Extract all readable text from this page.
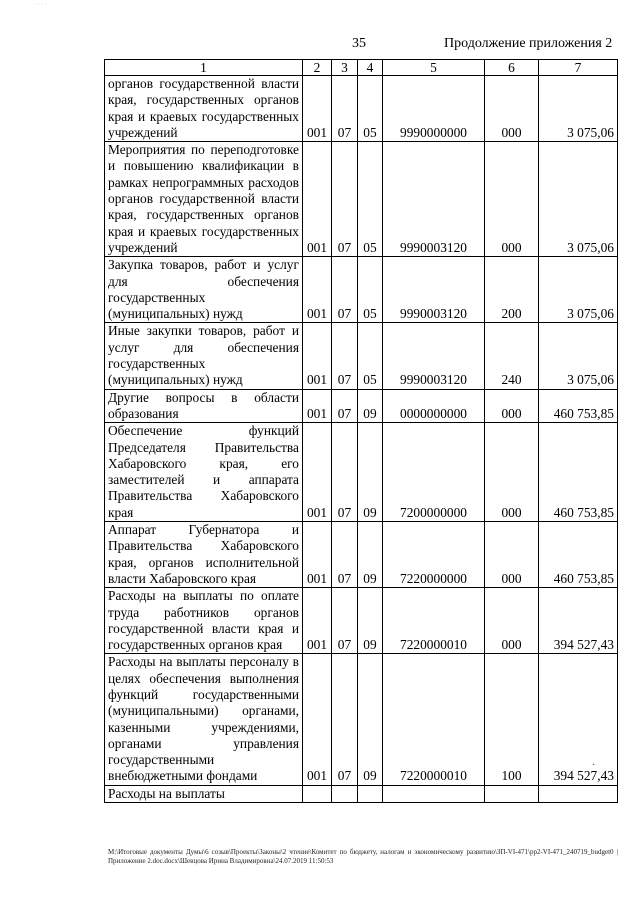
· · · ·
35	Продолжение приложения 2
1	2	3	4	5	6	7
органов государственной власти края, государственных органов края и краевых государственных учреждений	001	07	05	9990000000	000	3 075,06
Мероприятия по переподготовке и повышению квалификации в рамках непрограммных расходов органов государственной власти края, государственных органов края и краевых государственных учреждений	001	07	05	9990003120	000	3 075,06
Закупка товаров, работ и услуг для обеспечения государственных (муниципальных) нужд	001	07	05	9990003120	200	3 075,06
Иные закупки товаров, работ и услуг для обеспечения государственных (муниципальных) нужд	001	07	05	9990003120	240	3 075,06
Другие вопросы в области образования	001	07	09	0000000000	000	460 753,85
Обеспечение функций Председателя Правительства Хабаровского края, его заместителей и аппарата Правительства Хабаровского края	001	07	09	7200000000	000	460 753,85
Аппарат Губернатора и Правительства Хабаровского края, органов исполнительной власти Хабаровского края	001	07	09	7220000000	000	460 753,85
Расходы на выплаты по оплате труда работников органов государственной власти края и государственных органов края	001	07	09	7220000010	000	394 527,43
Расходы на выплаты персоналу в целях обеспечения выполнения функций государственными (муниципальными) органами, казенными учреждениями, органами управления государственными внебюджетными фондами	001	07	09	7220000010	100	394 527,43
Расходы на выплаты						
·
M:\Итоговые документы Думы\6 созыв\Проекты\Законы\2 чтение\Комитет по бюджету, налогам и экономическому развитию\ЗП-VI-471\рр2-VI-471_240719_budget0 | Приложение 2.doc.docx\Шевцова Ирина Владимировна\24.07.2019 11:50:53
